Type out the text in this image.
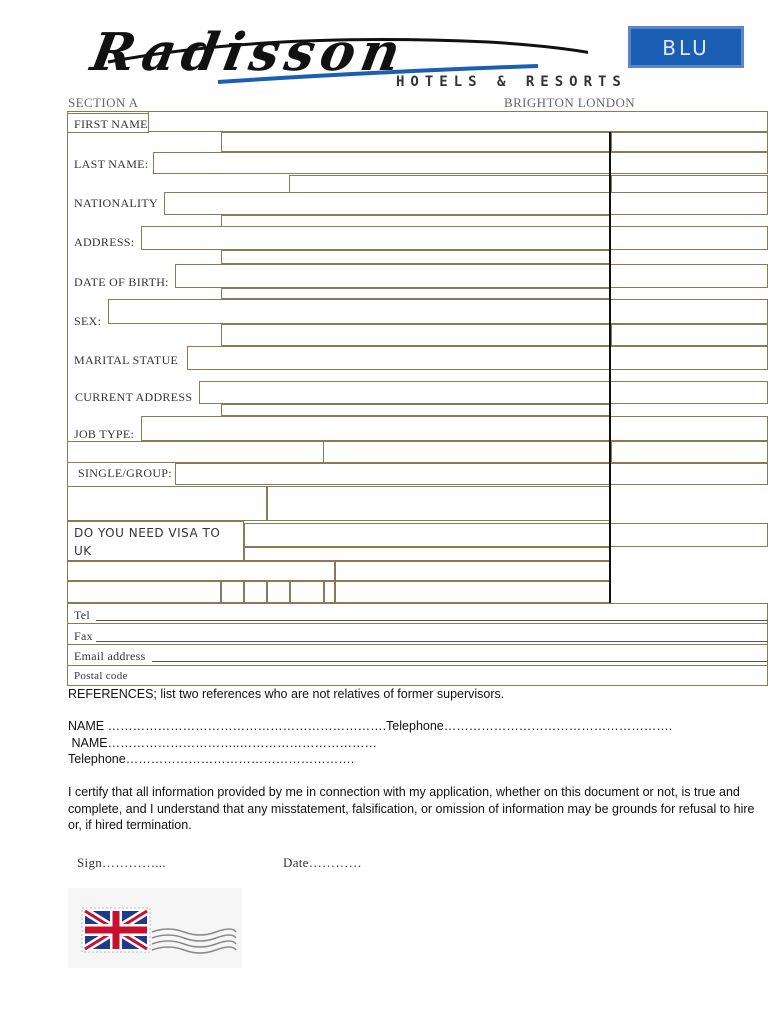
Radisson	BLU
HOTELS & RESORTS
SECTION A	BRIGHTON LONDON
FIRST NAME
LAST NAME:
NATIONALITY
ADDRESS:
DATE OF BIRTH:
SEX:
MARITAL STATUE
CURRENT ADDRESS
JOB TYPE:
SINGLE/GROUP:
DO YOU NEED VISA TO
UK
Tel
Fax
Email address
Postal code
REFERENCES; list two references who are not relatives of former supervisors.
NAME ………………………………………………………….Telephone……………………………………………….
NAME…………………………..……………………………
Telephone……………………………………………….
I certify that all information provided by me in connection with my application, whether on this document or not, is true and complete, and I understand that any misstatement, falsification, or omission of information may be grounds for refusal to hire or, if hired termination.
Sign…………...	Date…………
